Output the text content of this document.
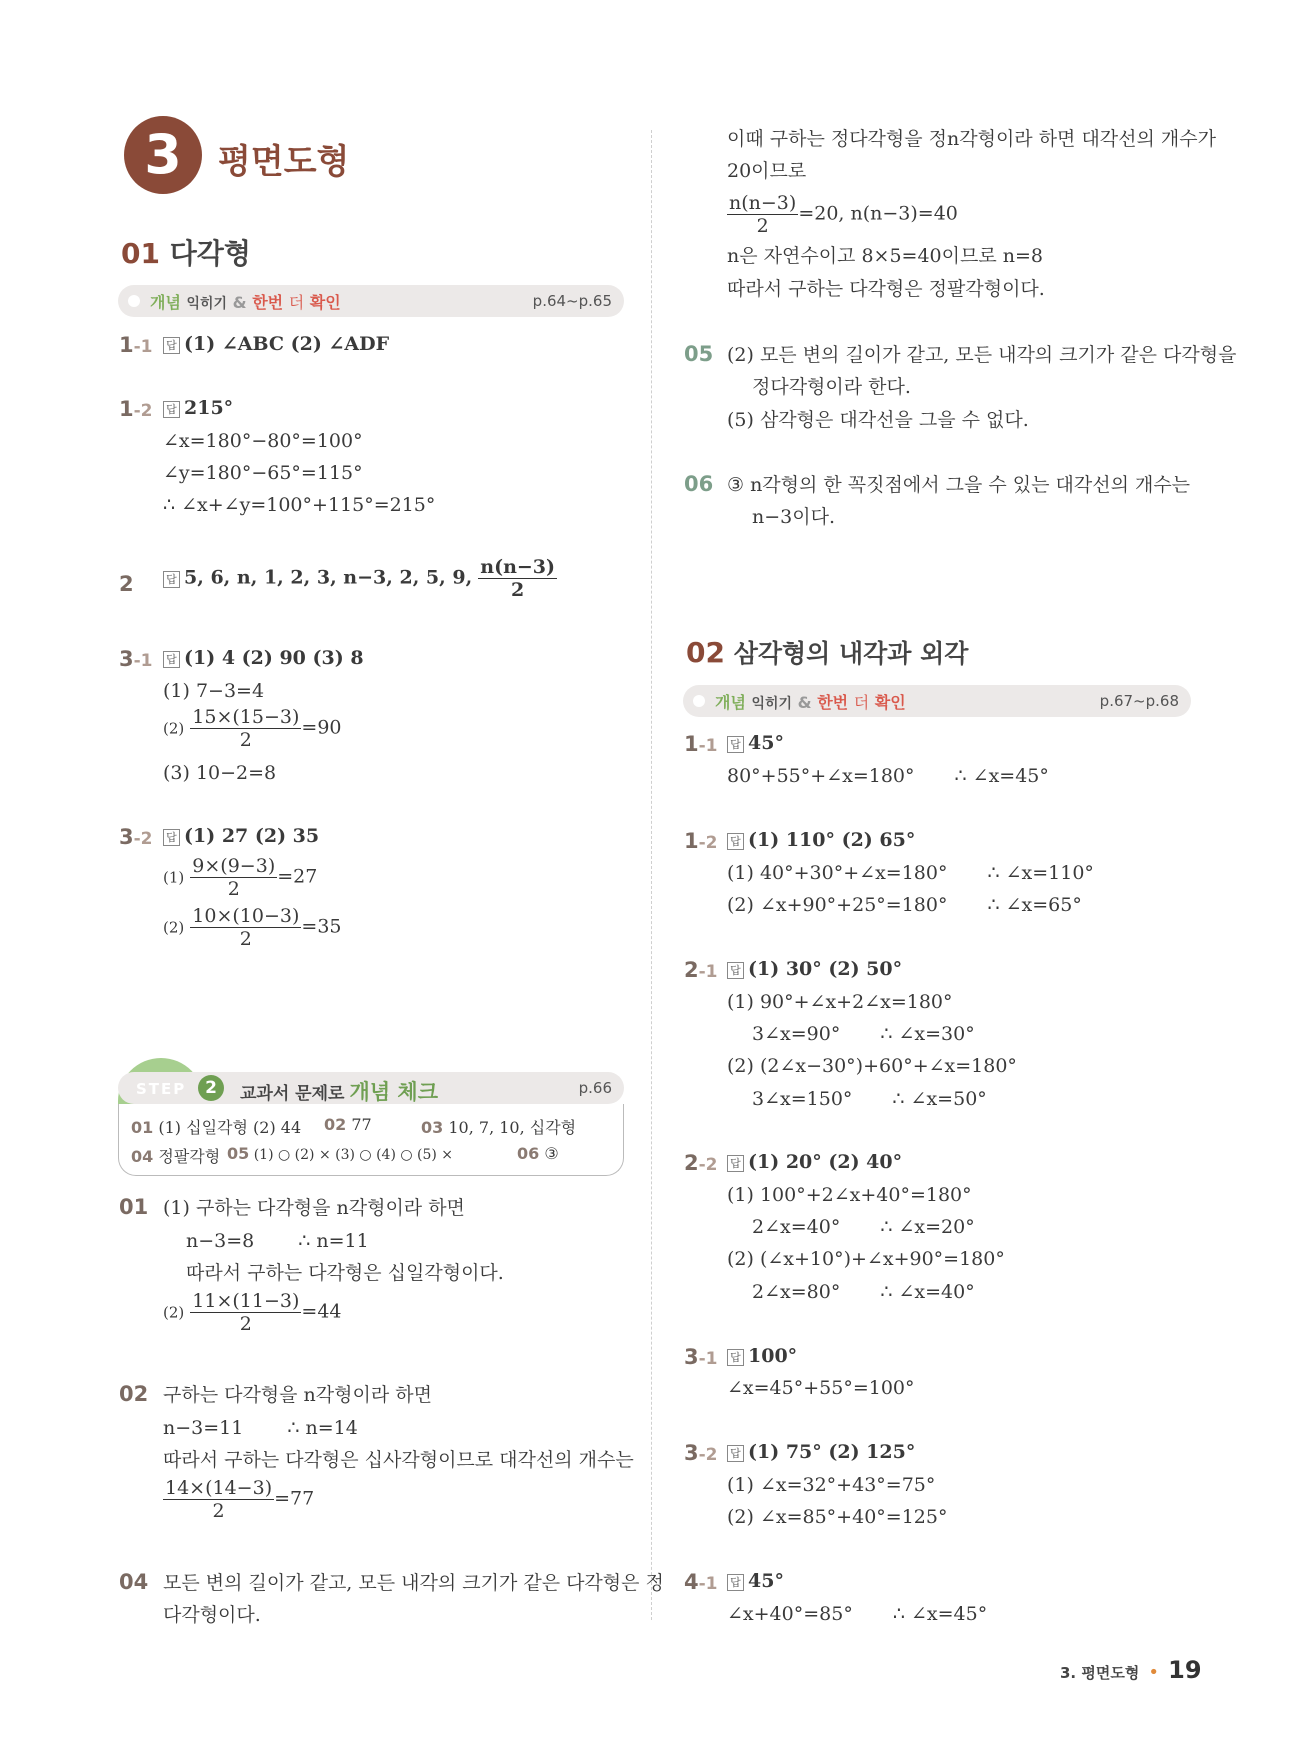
3	평면도형
01 다각형
개념 익히기 & 한번 더 확인	p.64~p.65
1-1 답 (1) ∠ABC (2) ∠ADF
1-2 답 215°
∠x=180°−80°=100°
∠y=180°−65°=115°
∴ ∠x+∠y=100°+115°=215°
2	답 5, 6, n, 1, 2, 3, n−3, 2, 5, 9, $\frac{n(n-3)}{2}$
3-1 답 (1) 4 (2) 90 (3) 8
(1) 7−3=4
$(2) \frac{15\times(15-3)}{2} =90$
(3) 10−2=8
3-2 답 (1) 27 (2) 35
$(1) \frac{9\times(9-3)}{2} =27$
$(2) \frac{10\times(10-3)}{2} =35$
STEP	2	교과서 문제로 개념 체크	p.66
01 (1) 십일각형 (2) 44 02 77	03 10, 7, 10, 십각형
04 정팔각형 05 (1) ○ (2) × (3) ○ (4) ○ (5) ×	06 ③
01 (1) 구하는 다각형을 n각형이라 하면
n−3=8 ∴ n=11
따라서 구하는 다각형은 십일각형이다.
$(2) \frac{11\times(11-3)}{2} =44$
02 구하는 다각형을 n각형이라 하면
n−3=11 ∴ n=14
따라서 구하는 다각형은 십사각형이므로 대각선의 개수는
$\frac{14\times(14-3)}{2} =77$
04 모든 변의 길이가 같고, 모든 내각의 크기가 같은 다각형은 정
다각형이다.
이때 구하는 정다각형을 정n각형이라 하면 대각선의 개수가
20이므로
$\frac{n(n-3)}{2} =20$, n(n−3)=40
n은 자연수이고 8×5=40이므로 n=8
따라서 구하는 다각형은 정팔각형이다.
05 (2) 모든 변의 길이가 같고, 모든 내각의 크기가 같은 다각형을
정다각형이라 한다.
(5) 삼각형은 대각선을 그을 수 없다.
06 ③ n각형의 한 꼭짓점에서 그을 수 있는 대각선의 개수는
n−3이다.
02 삼각형의 내각과 외각
개념 익히기 & 한번 더 확인	p.67~p.68
1-1 답 45°
80°+55°+∠x=180° ∴ ∠x=45°
1-2 답 (1) 110° (2) 65°
(1) 40°+30°+∠x=180° ∴ ∠x=110°
(2) ∠x+90°+25°=180° ∴ ∠x=65°
2-1 답 (1) 30° (2) 50°
(1) 90°+∠x+2∠x=180°
3∠x=90° ∴ ∠x=30°
(2) (2∠x−30°)+60°+∠x=180°
3∠x=150° ∴ ∠x=50°
2-2 답 (1) 20° (2) 40°
(1) 100°+2∠x+40°=180°
2∠x=40° ∴ ∠x=20°
(2) (∠x+10°)+∠x+90°=180°
2∠x=80° ∴ ∠x=40°
3-1 답 100°
∠x=45°+55°=100°
3-2 답 (1) 75° (2) 125°
(1) ∠x=32°+43°=75°
(2) ∠x=85°+40°=125°
4-1 답 45°
∠x+40°=85° ∴ ∠x=45°
3. 평면도형 • 19
